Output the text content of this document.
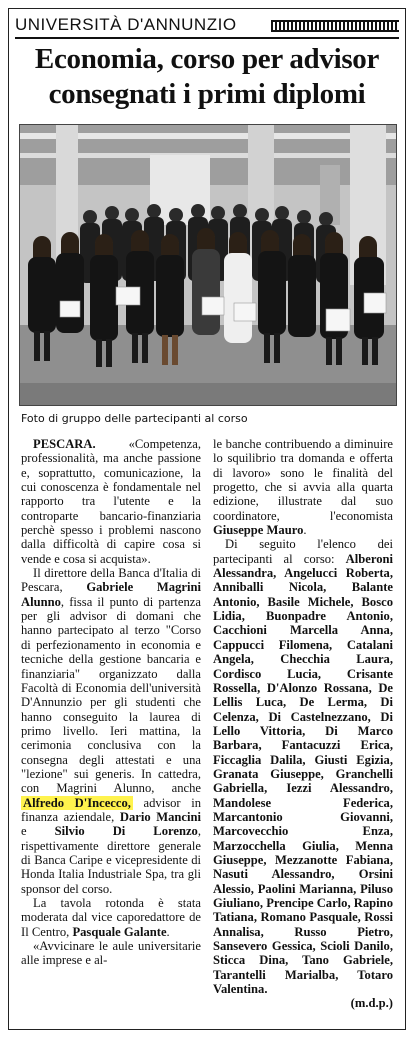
UNIVERSITÀ D'ANNUNZIO
Economia, corso per advisor
consegnati i primi diplomi
Foto di gruppo delle partecipanti al corso

PESCARA.	«Competenza, professionalità, ma anche passione e, soprattutto, comunicazione, la cui conoscenza è fondamentale nel rapporto tra l'utente e la controparte bancario-finanziaria perchè spesso i problemi nascono dalla difficoltà di capire cosa si vende e cosa si acquista».

Il direttore della Banca d'Italia di Pescara, Gabriele Magrini Alunno, fissa il punto di partenza per gli advisor di domani che hanno partecipato al terzo "Corso di perfezionamento in economia e tecniche della gestione bancaria e finanziaria" organizzato dalla Facoltà di Economia dell'università D'Annunzio per gli studenti che hanno conseguito la laurea di primo livello. Ieri mattina, la cerimonia conclusiva con la consegna degli attestati e una "lezione" sui generis. In cattedra, con Magrini Alunno, anche Alfredo D'Incecco, advisor in finanza aziendale, Dario Mancini e Silvio Di Lorenzo, rispettivamente direttore generale di Banca Caripe e vicepresidente di Honda Italia Industriale Spa, tra gli sponsor del corso.

La tavola rotonda è stata moderata dal vice caporedattore de Il Centro, Pasquale Galante.

«Avvicinare le aule universitarie alle imprese e al-

le banche contribuendo a diminuire lo squilibrio tra domanda e offerta di lavoro» sono le finalità del progetto, che si avvia alla quarta edizione, illustrate dal suo coordinatore, l'economista Giuseppe Mauro.

Di seguito l'elenco dei partecipanti al corso: Alberoni Alessandra, Angelucci Roberta, Anniballi Nicola, Balante Antonio, Basile Michele, Bosco Lidia, Buonpadre Antonio, Cacchioni Marcella Anna, Cappucci Filomena, Catalani Angela, Checchia Laura, Cordisco Lucia, Crisante Rossella, D'Alonzo Rossana, De Lellis Luca, De Lerma, Di Celenza, Di Castelnezzano, Di Lello Vittoria, Di Marco Barbara, Fantacuzzi Erica, Ficcaglia Dalila, Giusti Egizia, Granata Giuseppe, Granchelli Gabriella, Iezzi Alessandro, Mandolese Federica, Marcantonio Giovanni, Marcovecchio Enza, Marzocchella Giulia, Menna Giuseppe, Mezzanotte Fabiana, Nasuti Alessandro, Orsini Alessio, Paolini Marianna, Piluso Giuliano, Prencipe Carlo, Rapino Tatiana, Romano Pasquale, Rossi Annalisa, Russo Pietro, Sansevero Gessica, Scioli Danilo, Sticca Dina, Tano Gabriele, Tarantelli Marialba, Totaro Valentina.

(m.d.p.)
